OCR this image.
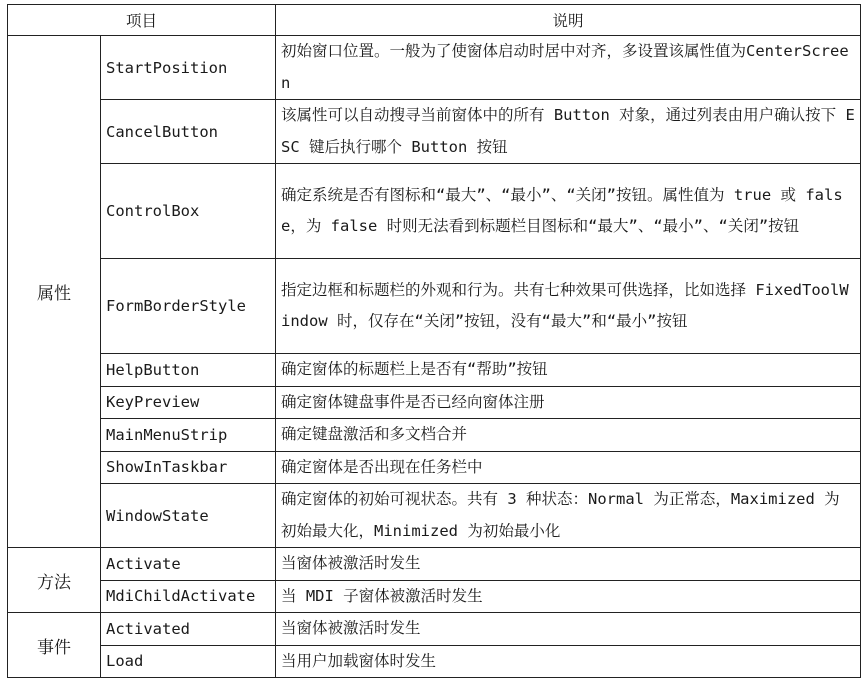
项目		说明
属性	StartPosition	初始窗口位置。一般为了使窗体启动时居中对齐，多设置该属性值为CenterScreen
	CancelButton	该属性可以自动搜寻当前窗体中的所有 Button 对象，通过列表由用户确认按下 ESC 键后执行哪个 Button 按钮
	ControlBox	确定系统是否有图标和“最大”、“最小”、“关闭”按钮。属性值为 true 或 false，为 false 时则无法看到标题栏目图标和“最大”、“最小”、“关闭”按钮
	FormBorderStyle	指定边框和标题栏的外观和行为。共有七种效果可供选择，比如选择 FixedToolWindow 时，仅存在“关闭”按钮，没有“最大”和“最小”按钮
	HelpButton	确定窗体的标题栏上是否有“帮助”按钮
	KeyPreview	确定窗体键盘事件是否已经向窗体注册
	MainMenuStrip	确定键盘激活和多文档合并
	ShowInTaskbar	确定窗体是否出现在任务栏中
	WindowState	确定窗体的初始可视状态。共有 3 种状态：Normal 为正常态，Maximized 为初始最大化，Minimized 为初始最小化
方法	Activate	当窗体被激活时发生
	MdiChildActivate	当 MDI 子窗体被激活时发生
事件	Activated	当窗体被激活时发生
	Load	当用户加载窗体时发生
